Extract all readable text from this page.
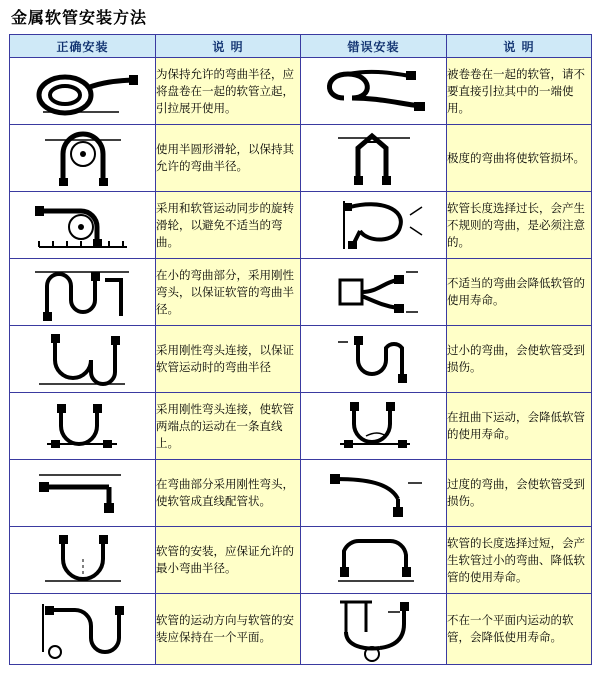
金属软管安装方法
正确安装	说 明	错误安装	说 明

	为保持允许的弯曲半径，应将盘卷在一起的软管立起，引拉展开使用。		被卷卷在一起的软管，请不要直接引拉其中的一端使用。

	使用半圆形滑轮，以保持其允许的弯曲半径。		极度的弯曲将使软管损坏。

	采用和软管运动同步的旋转滑轮，以避免不适当的弯曲。		软管长度选择过长，会产生不规则的弯曲，是必须注意的。

	在小的弯曲部分，采用刚性弯头，以保证软管的弯曲半径。		不适当的弯曲会降低软管的使用寿命。

	采用刚性弯头连接，以保证软管运动时的弯曲半径		过小的弯曲，会使软管受到损伤。

	采用刚性弯头连接，使软管两端点的运动在一条直线上。		在扭曲下运动，会降低软管的使用寿命。

	在弯曲部分采用刚性弯头，使软管成直线配管状。		过度的弯曲，会使软管受到损伤。

	软管的安装，应保证允许的最小弯曲半径。		软管的长度选择过短，会产生软管过小的弯曲、降低软管的使用寿命。

	软管的运动方向与软管的安装应保持在一个平面。		不在一个平面内运动的软管，会降低使用寿命。
